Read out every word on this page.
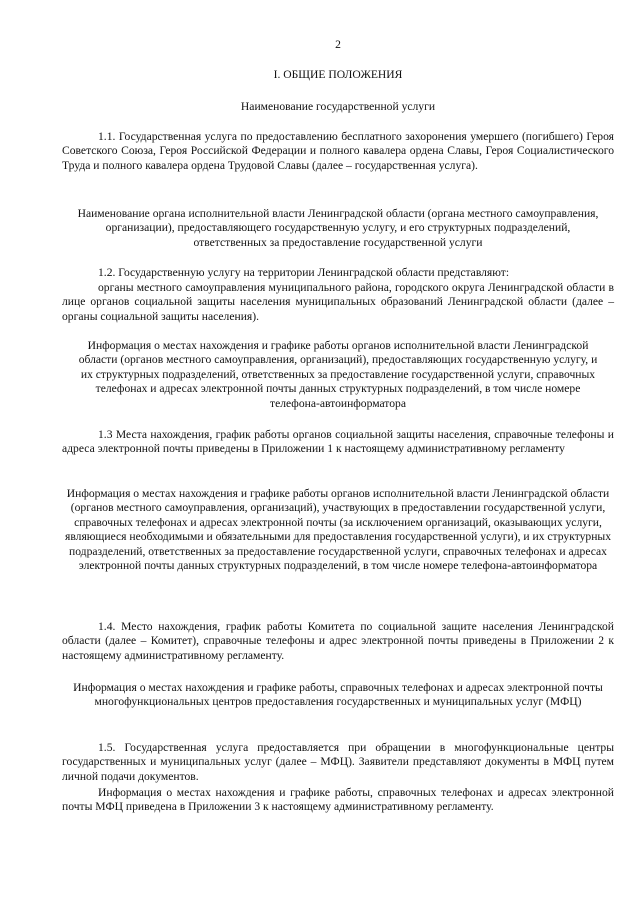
2
I. ОБЩИЕ ПОЛОЖЕНИЯ
Наименование государственной услуги
1.1. Государственная услуга по предоставлению бесплатного захоронения умершего (погибшего) Героя Советского Союза, Героя Российской Федерации и полного кавалера ордена Славы, Героя Социалистического Труда и полного кавалера ордена Трудовой Славы (далее – государственная услуга).
Наименование органа исполнительной власти Ленинградской области (органа местного самоуправления, организации), предоставляющего государственную услугу, и его структурных подразделений, ответственных за предоставление государственной услуги
1.2. Государственную услугу на территории Ленинградской области представляют:
органы местного самоуправления муниципального района, городского округа Ленинградской области в лице органов социальной защиты населения муниципальных образований Ленинградской области (далее – органы социальной защиты населения).
Информация о местах нахождения и графике работы органов исполнительной власти Ленинградской области (органов местного самоуправления, организаций), предоставляющих государственную услугу, и их структурных подразделений, ответственных за предоставление государственной услуги, справочных телефонах и адресах электронной почты данных структурных подразделений, в том числе номере телефона-автоинформатора
1.3 Места нахождения, график работы органов социальной защиты населения, справочные телефоны и адреса электронной почты приведены в Приложении 1 к настоящему административному регламенту
Информация о местах нахождения и графике работы органов исполнительной власти Ленинградской области (органов местного самоуправления, организаций), участвующих в предоставлении государственной услуги, справочных телефонах и адресах электронной почты (за исключением организаций, оказывающих услуги, являющиеся необходимыми и обязательными для предоставления государственной услуги), и их структурных подразделений, ответственных за предоставление государственной услуги, справочных телефонах и адресах электронной почты данных структурных подразделений, в том числе номере телефона-автоинформатора
1.4. Место нахождения, график работы Комитета по социальной защите населения Ленинградской области (далее – Комитет), справочные телефоны и адрес электронной почты приведены в Приложении 2 к настоящему административному регламенту.
Информация о местах нахождения и графике работы, справочных телефонах и адресах электронной почты многофункциональных центров предоставления государственных и муниципальных услуг (МФЦ)
1.5. Государственная услуга предоставляется при обращении в многофункциональные центры государственных и муниципальных услуг (далее – МФЦ). Заявители представляют документы в МФЦ путем личной подачи документов.
Информация о местах нахождения и графике работы, справочных телефонах и адресах электронной почты МФЦ приведена в Приложении 3 к настоящему административному регламенту.
